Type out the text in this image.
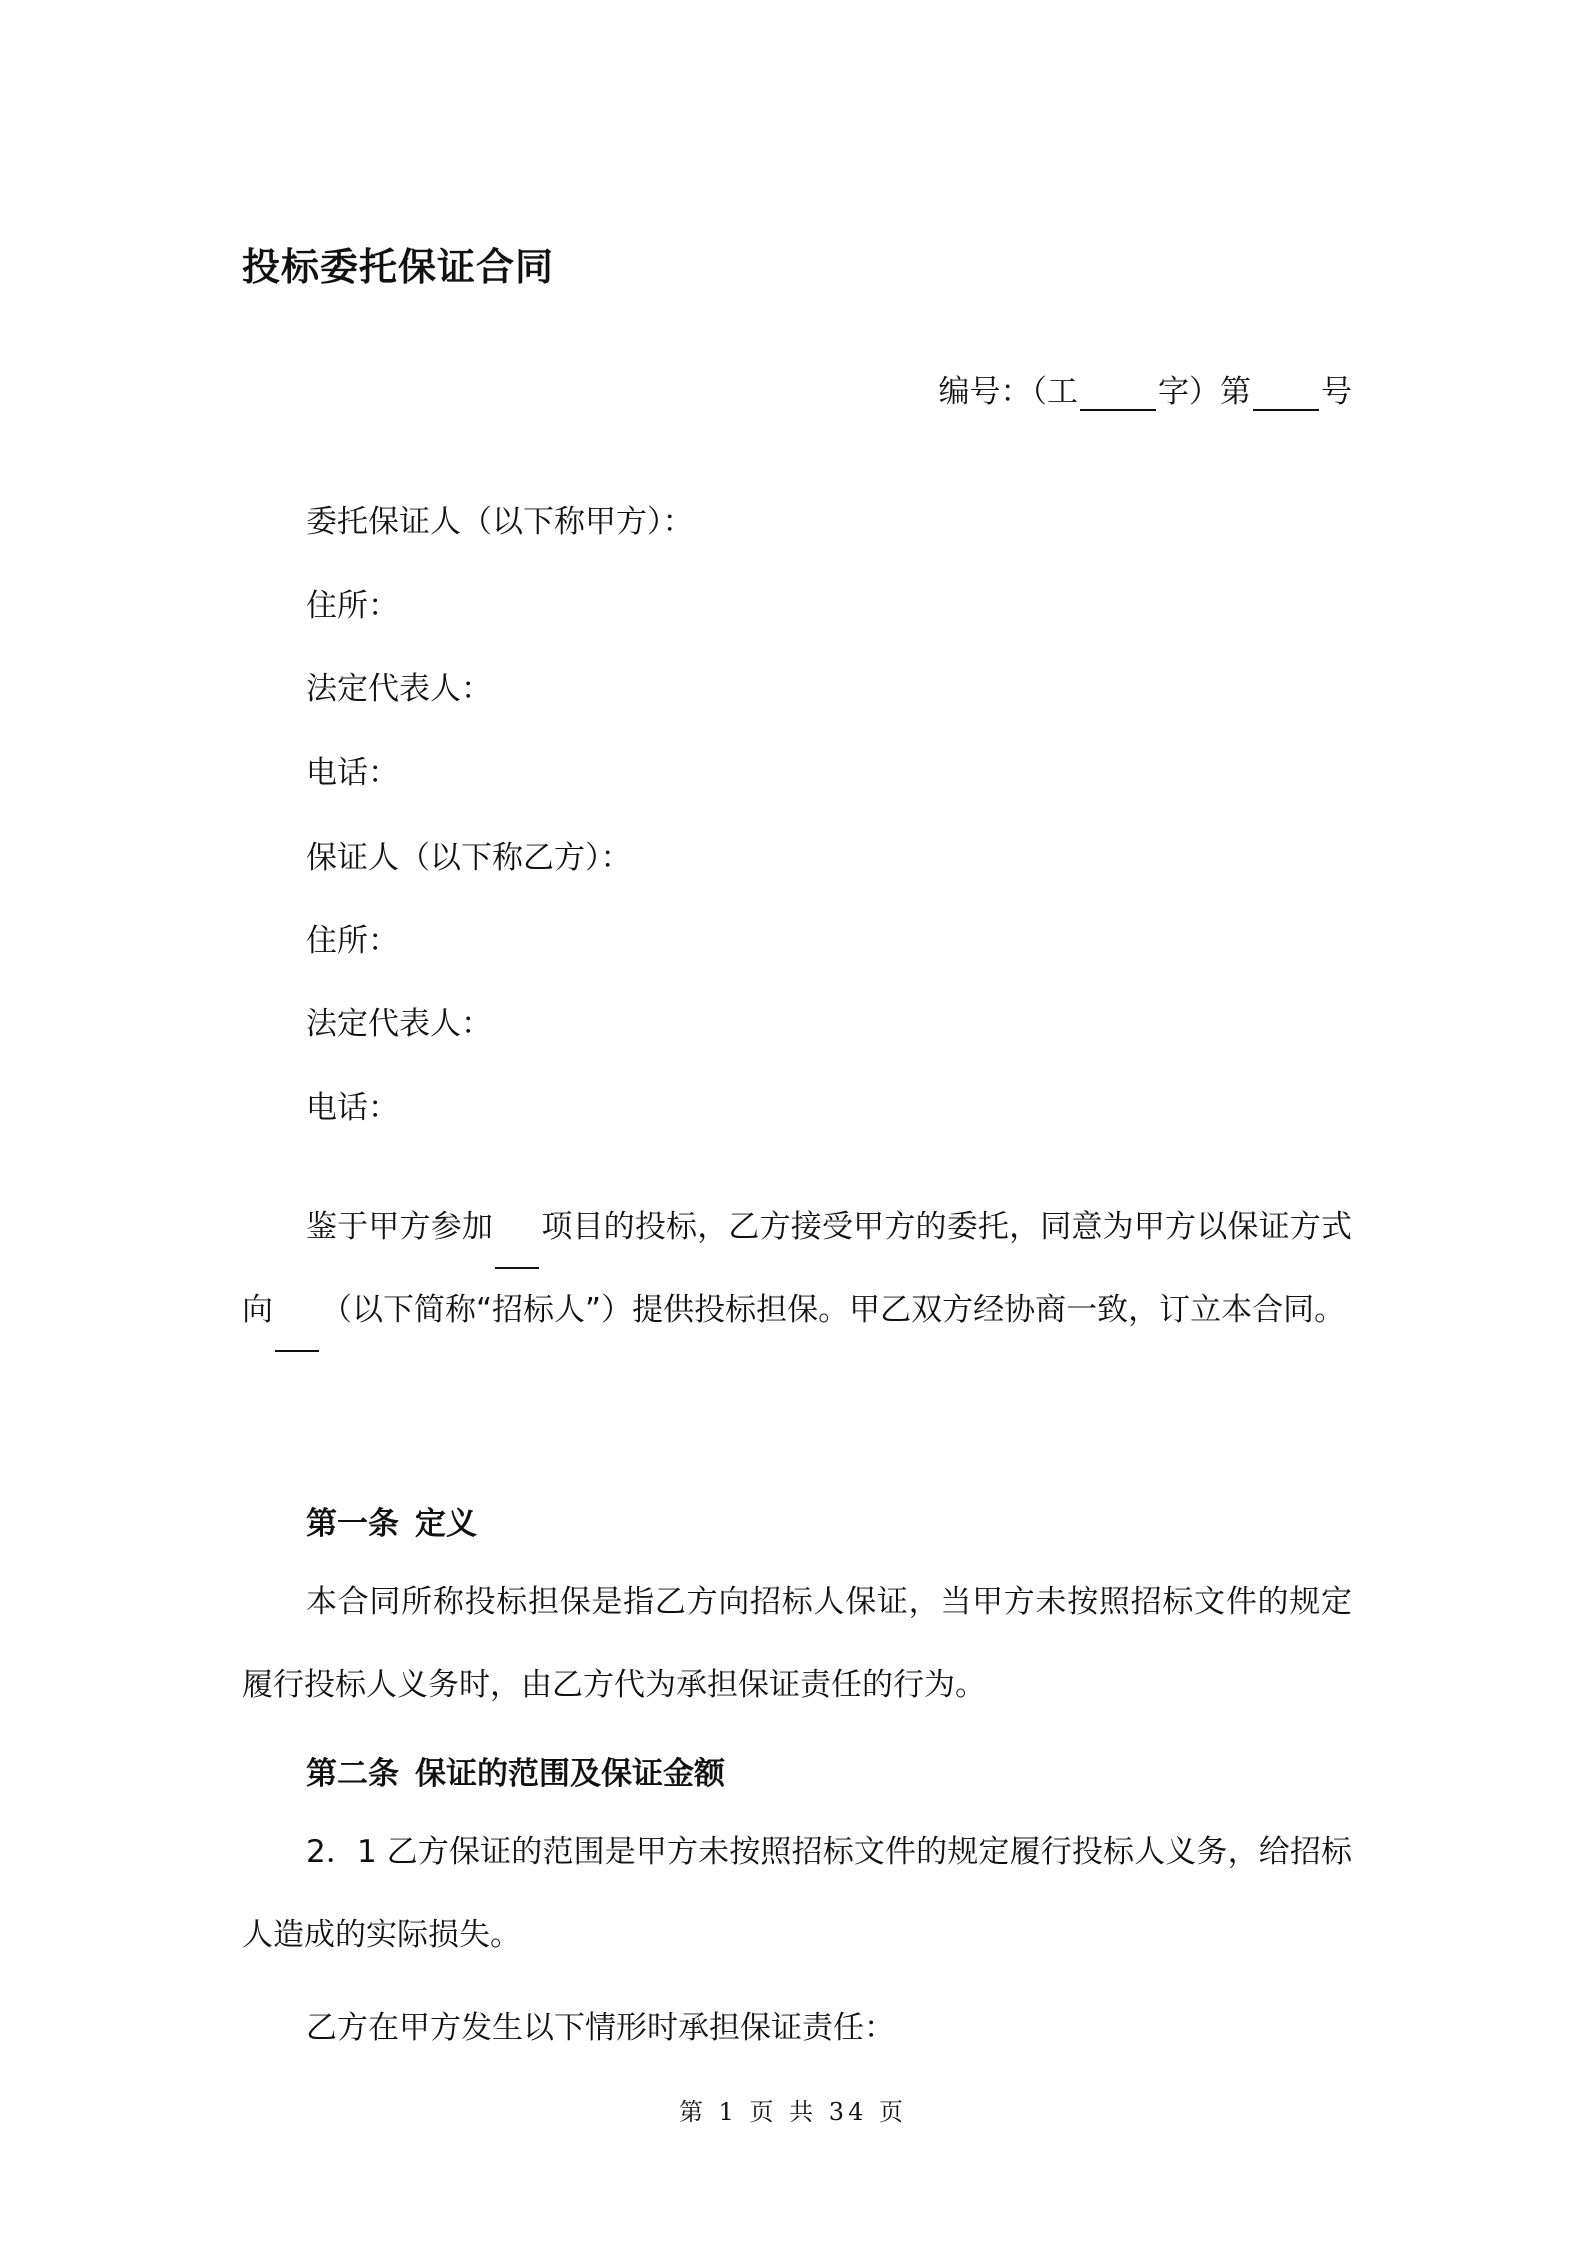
投标委托保证合同
编号：（工	字）第 号
委托保证人（以下称甲方）：
住所：
法定代表人：
电话：
保证人（以下称乙方）：
住所：
法定代表人：
电话：

鉴于甲方参加 项目的投标，乙方接受甲方的委托，同意为甲方以保证方式向 （以下简称“招标人”）提供投标担保。甲乙双方经协商一致，订立本合同。

第一条 定义

本合同所称投标担保是指乙方向招标人保证，当甲方未按照招标文件的规定履行投标人义务时，由乙方代为承担保证责任的行为。

第二条 保证的范围及保证金额

2．1 乙方保证的范围是甲方未按照招标文件的规定履行投标人义务，给招标人造成的实际损失。

乙方在甲方发生以下情形时承担保证责任：
第 1 页 共 34 页
